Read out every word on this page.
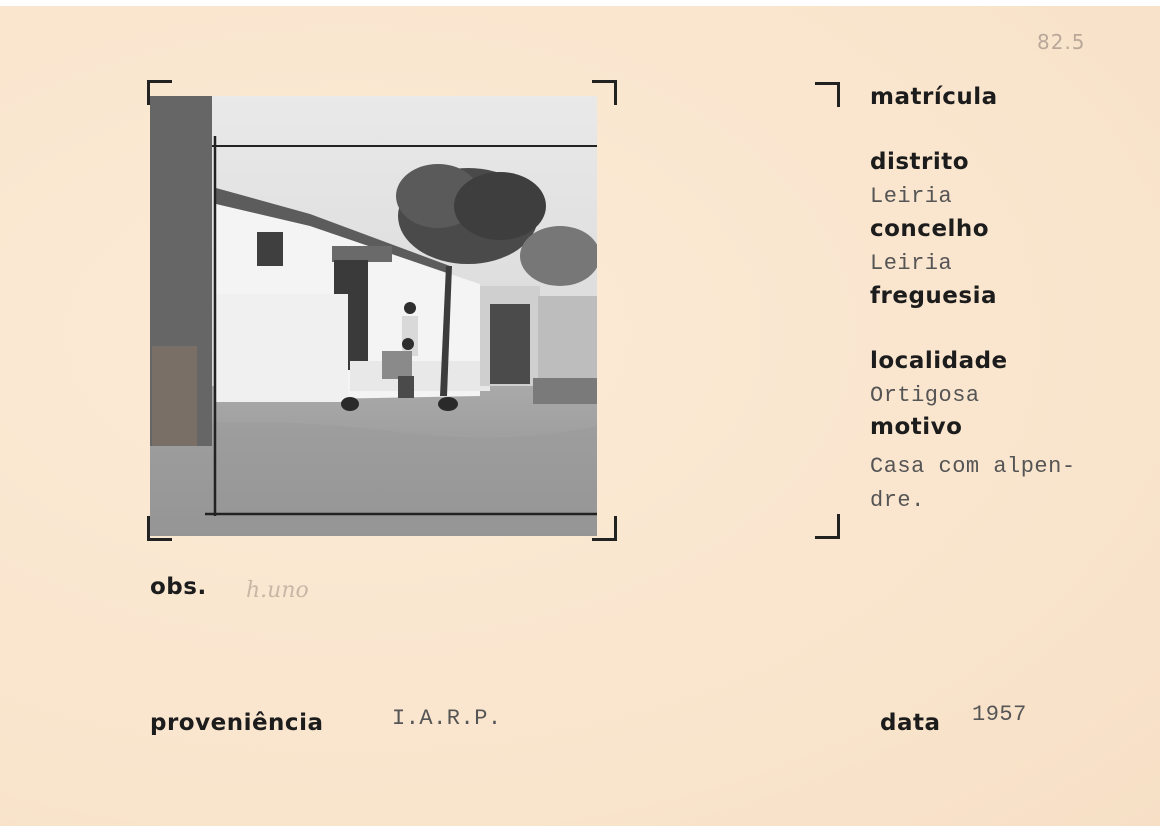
82.5
matrícula
distrito
Leiria
concelho
Leiria
freguesia
localidade
Ortigosa
motivo
Casa com alpen-
dre.
obs. h.uno
proveniência	I.A.R.P.	data 1957
